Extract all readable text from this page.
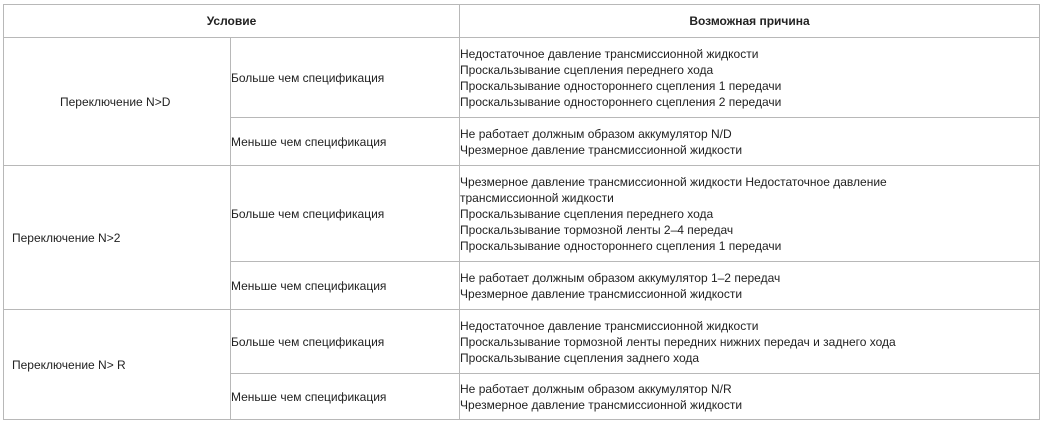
Условие		Возможная причина

Переключение N>D	Больше чем спецификация	Недостаточное давление трансмиссионной жидкости
Проскальзывание сцепления переднего хода
Проскальзывание одностороннего сцепления 1 передачи
Проскальзывание одностороннего сцепления 2 передачи

	Меньше чем спецификация	Не работает должным образом аккумулятор N/D
Чрезмерное давление трансмиссионной жидкости

Переключение N>2	Больше чем спецификация	Чрезмерное давление трансмиссионной жидкости Недостаточное давление трансмиссионной жидкости
Проскальзывание сцепления переднего хода
Проскальзывание тормозной ленты 2–4 передач
Проскальзывание одностороннего сцепления 1 передачи

	Меньше чем спецификация	Не работает должным образом аккумулятор 1–2 передач
Чрезмерное давление трансмиссионной жидкости

Переключение N> R	Больше чем спецификация	Недостаточное давление трансмиссионной жидкости
Проскальзывание тормозной ленты передних нижних передач и заднего хода
Проскальзывание сцепления заднего хода

	Меньше чем спецификация	Не работает должным образом аккумулятор N/R
Чрезмерное давление трансмиссионной жидкости
